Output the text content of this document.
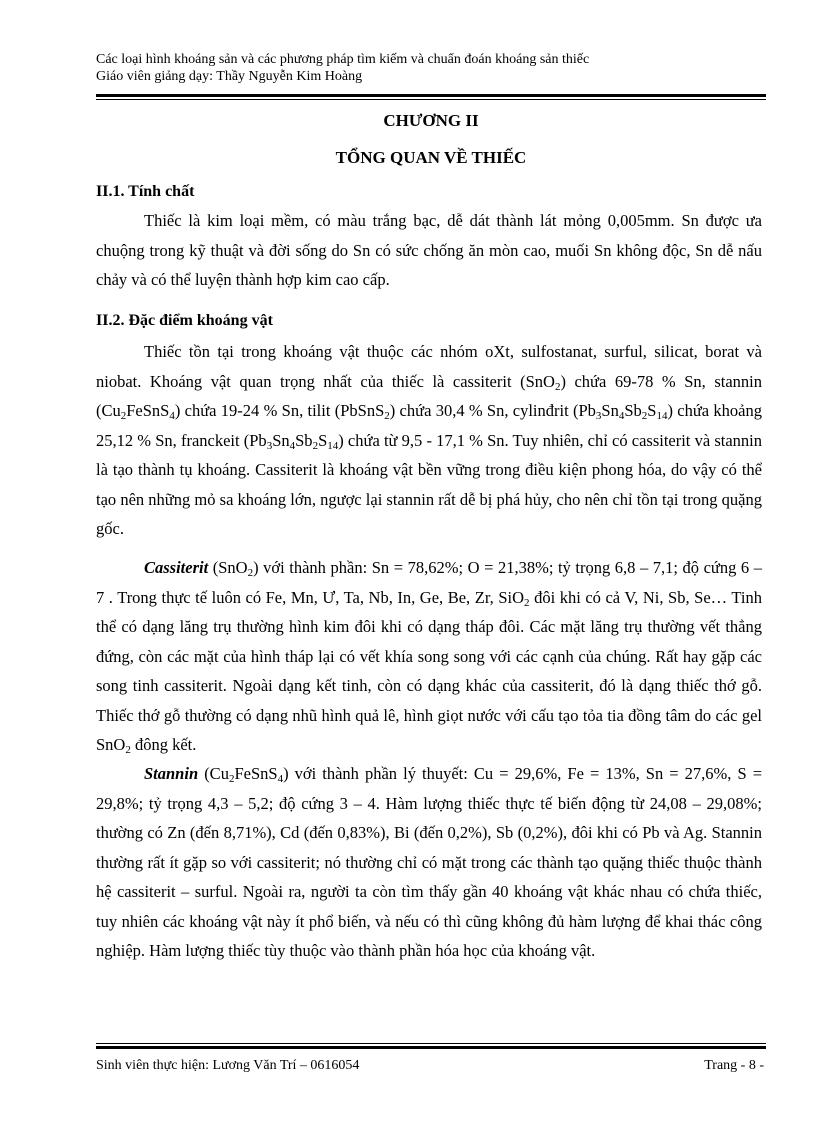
Các loại hình khoáng sản và các phương pháp tìm kiếm và chuẩn đoán khoáng sản thiếc
Giáo viên giảng dạy: Thầy Nguyễn Kim Hoàng
CHƯƠNG II
TỔNG QUAN VỀ THIẾC
II.1. Tính chất

Thiếc là kim loại mềm, có màu trắng bạc, dễ dát thành lát mỏng 0,005mm. Sn được ưa chuộng trong kỹ thuật và đời sống do Sn có sức chống ăn mòn cao, muối Sn không độc, Sn dễ nấu chảy và có thể luyện thành hợp kim cao cấp.

II.2. Đặc điểm khoáng vật

Thiếc tồn tại trong khoáng vật thuộc các nhóm oXt, sulfostanat, surful, silicat, borat và niobat. Khoáng vật quan trọng nhất của thiếc là cassiterit (SnO$_2$) chứa 69-78 % Sn, stannin $(Cu_2FeSnS_4)$ chứa 19-24 % Sn, tilit (PbSnS$_2$) chứa 30,4 % Sn, cylinđrit $(Pb_3Sn_4Sb_2S_{14})$ chứa khoảng 25,12 % Sn, franckeit $(Pb_3Sn_4Sb_2S_{14})$ chứa từ 9,5 - 17,1 % Sn. Tuy nhiên, chỉ có cassiterit và stannin là tạo thành tụ khoáng. Cassiterit là khoáng vật bền vững trong điều kiện phong hóa, do vậy có thể tạo nên những mỏ sa khoáng lớn, ngược lại stannin rất dễ bị phá hủy, cho nên chỉ tồn tại trong quặng gốc.

Cassiterit (SnO$_2$) với thành phần: Sn = 78,62%; O = 21,38%; tỷ trọng 6,8 – 7,1; độ cứng 6 – 7 . Trong thực tế luôn có Fe, Mn, Ư, Ta, Nb, In, Ge, Be, Zr, SiO$_2$ đôi khi có cả V, Ni, Sb, Se… Tinh thể có dạng lăng trụ thường hình kim đôi khi có dạng tháp đôi. Các mặt lăng trụ thường vết thẳng đứng, còn các mặt của hình tháp lại có vết khía song song với các cạnh của chúng. Rất hay gặp các song tinh cassiterit. Ngoài dạng kết tinh, còn có dạng khác của cassiterit, đó là dạng thiếc thớ gỗ. Thiếc thớ gỗ thường có dạng nhũ hình quả lê, hình giọt nước với cấu tạo tỏa tia đồng tâm do các gel SnO$_2$ đông kết.

Stannin $(Cu_2FeSnS_4)$ với thành phần lý thuyết: Cu = 29,6%, Fe = 13%, Sn = 27,6%, S = 29,8%; tỷ trọng 4,3 – 5,2; độ cứng 3 – 4. Hàm lượng thiếc thực tế biến động từ 24,08 – 29,08%; thường có Zn (đến 8,71%), Cd (đến 0,83%), Bi (đến 0,2%), Sb (0,2%), đôi khi có Pb và Ag. Stannin thường rất ít gặp so với cassiterit; nó thường chỉ có mặt trong các thành tạo quặng thiếc thuộc thành hệ cassiterit – surful. Ngoài ra, người ta còn tìm thấy gần 40 khoáng vật khác nhau có chứa thiếc, tuy nhiên các khoáng vật này ít phổ biến, và nếu có thì cũng không đủ hàm lượng để khai thác công nghiệp. Hàm lượng thiếc tùy thuộc vào thành phần hóa học của khoáng vật.

Sinh viên thực hiện: Lương Văn Trí – 0616054	Trang - 8 -
